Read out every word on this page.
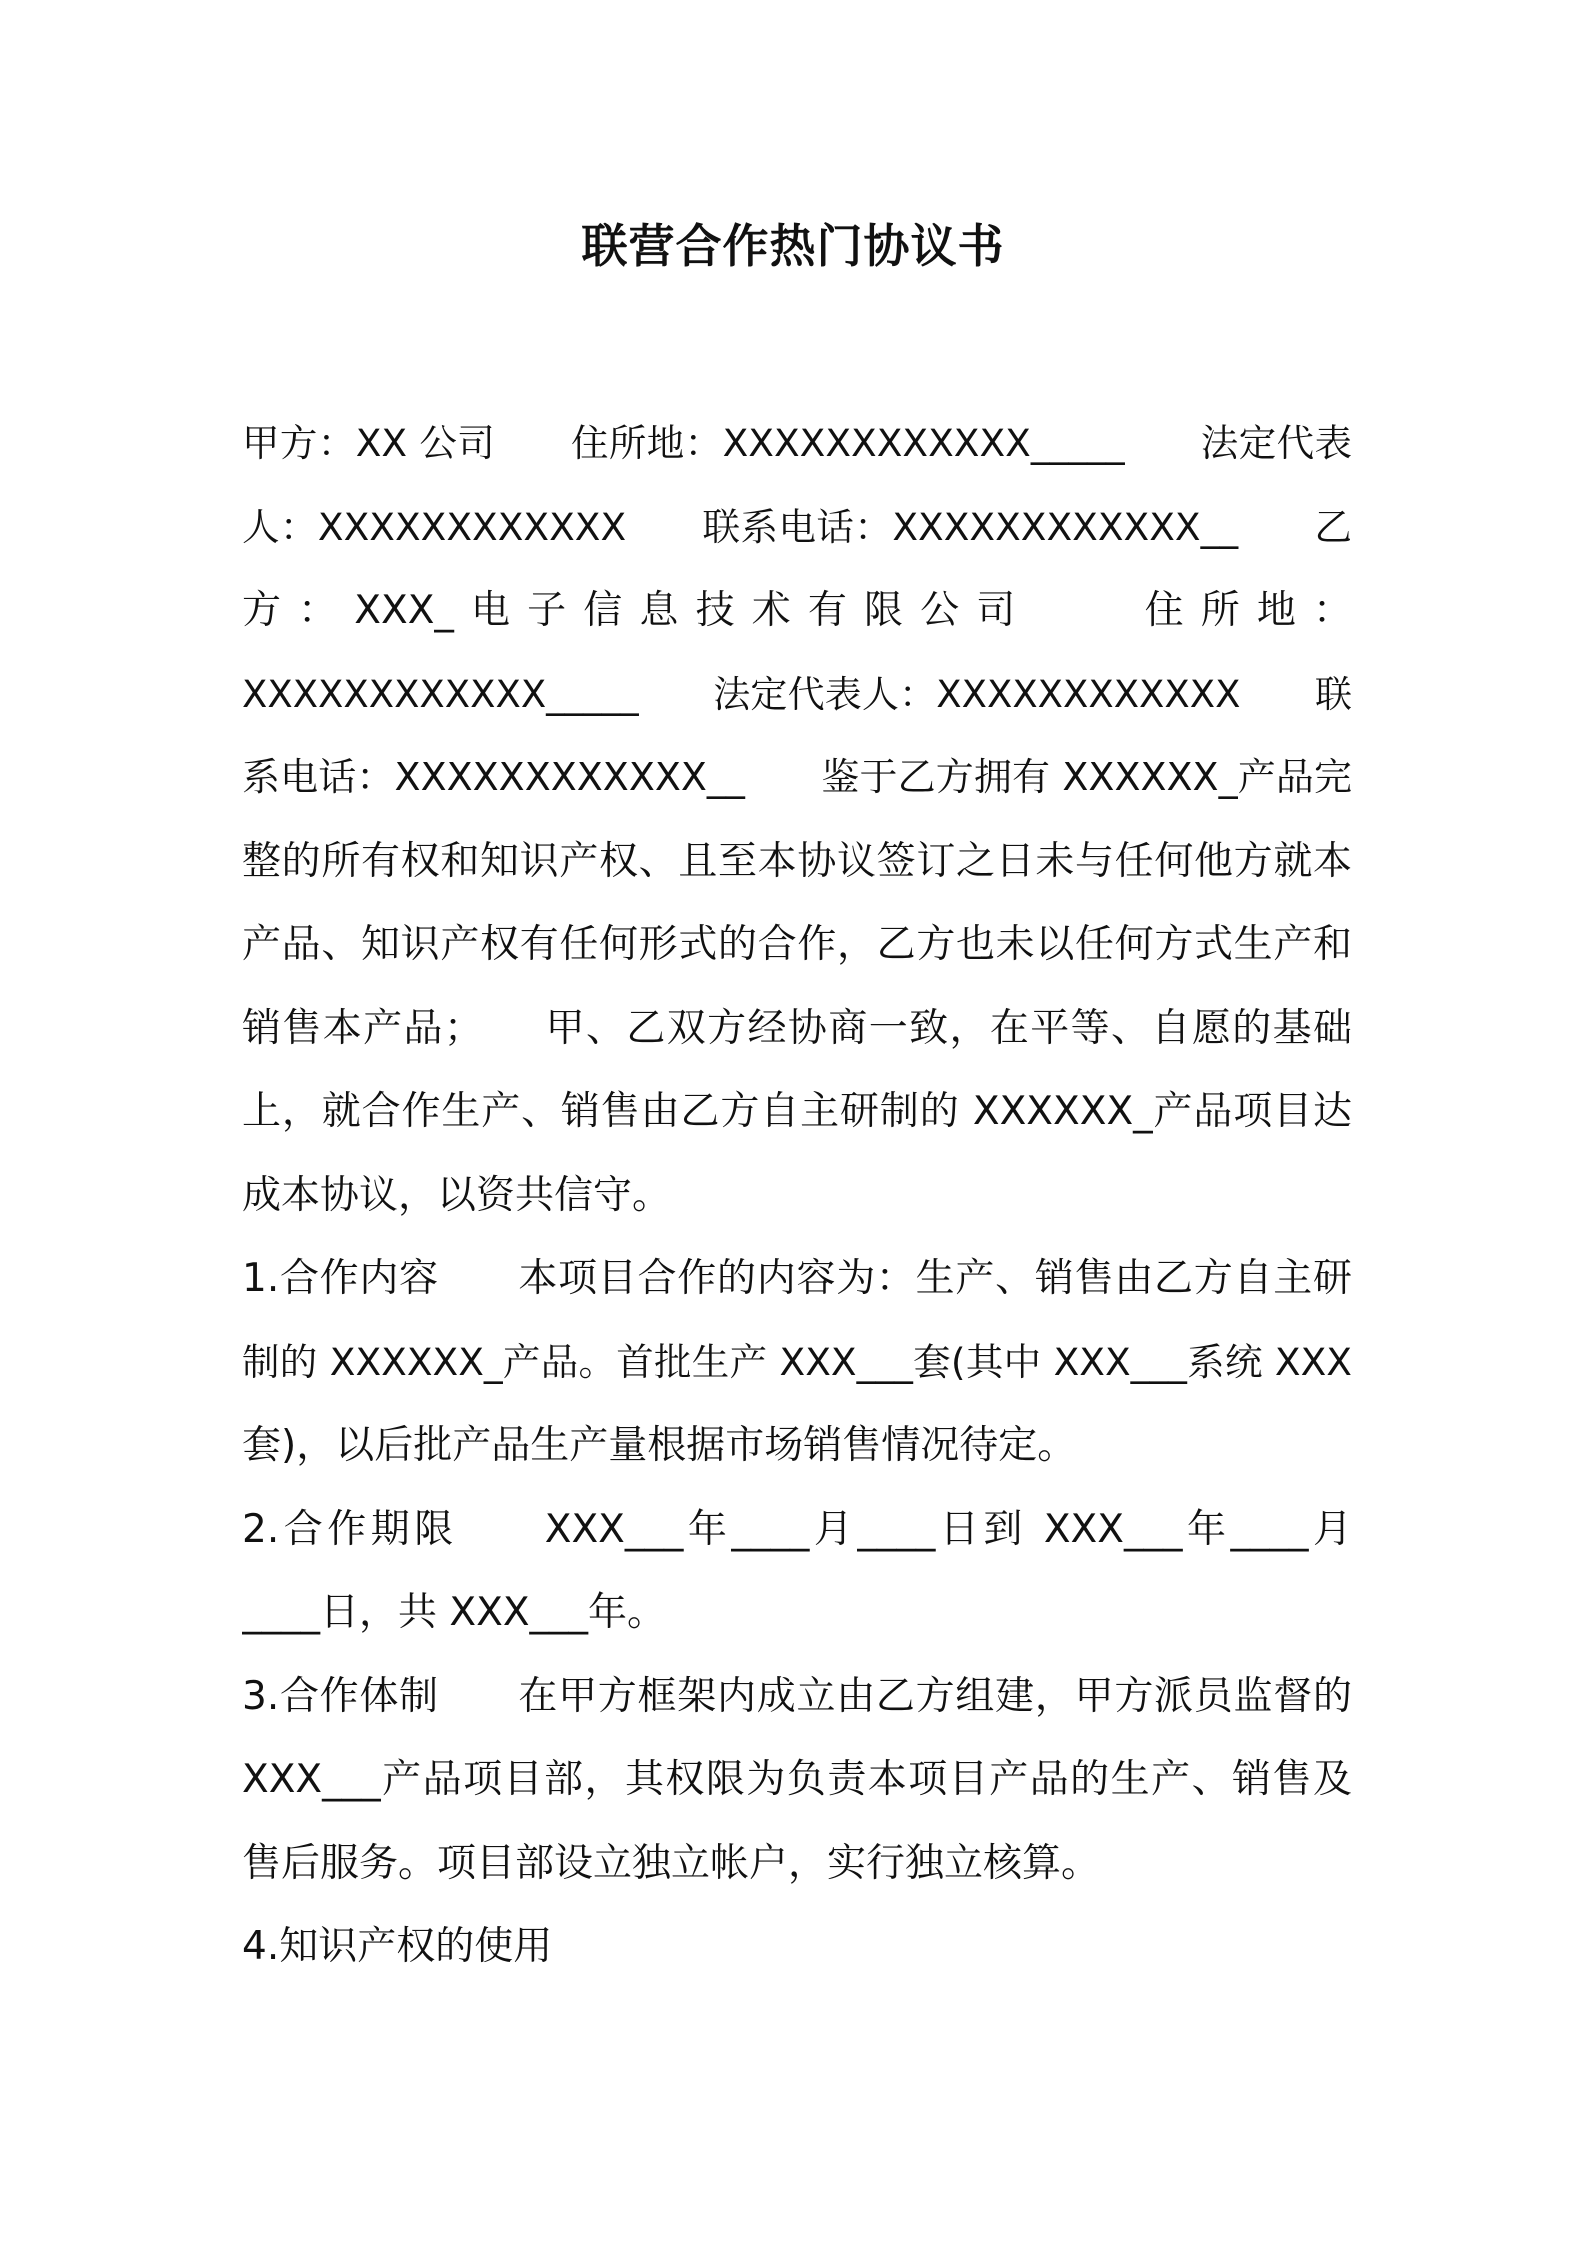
联营合作热门协议书
甲方：XX 公司　　住所地：XXXXXXXXXXXX_____　　法定代表
人：XXXXXXXXXXXX　　联系电话：XXXXXXXXXXXX__　　乙
方：XXX_电子信息技术有限公司　　住所地：
XXXXXXXXXXXX_____　　法定代表人：XXXXXXXXXXXX　　联
系电话：XXXXXXXXXXXX__　　鉴于乙方拥有 XXXXXX_产品完
整的所有权和知识产权、且至本协议签订之日未与任何他方就本
产品、知识产权有任何形式的合作，乙方也未以任何方式生产和
销售本产品；　　甲、乙双方经协商一致，在平等、自愿的基础
上，就合作生产、销售由乙方自主研制的 XXXXXX_产品项目达
成本协议，以资共信守。
1.合作内容　　本项目合作的内容为：生产、销售由乙方自主研
制的 XXXXXX_产品。首批生产 XXX___套(其中 XXX___系统 XXX
套)，以后批产品生产量根据市场销售情况待定。
2.合作期限　　XXX___年____月____日到 XXX___年____月
____日，共 XXX___年。
3.合作体制　　在甲方框架内成立由乙方组建，甲方派员监督的
XXX___产品项目部，其权限为负责本项目产品的生产、销售及
售后服务。项目部设立独立帐户，实行独立核算。
4.知识产权的使用
